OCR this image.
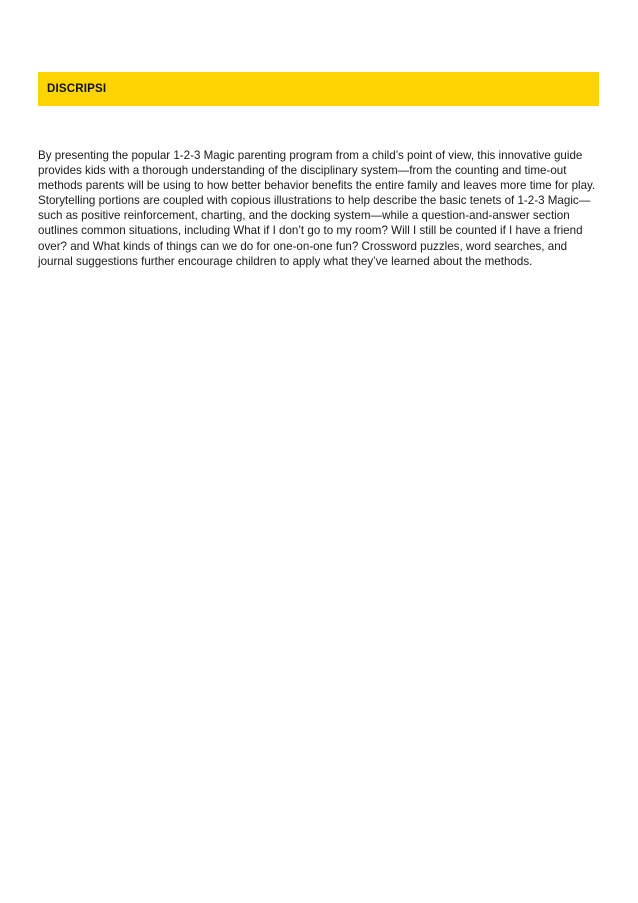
DISCRIPSI

By presenting the popular 1-2-3 Magic parenting program from a child’s point of view, this innovative guide provides kids with a thorough understanding of the disciplinary system—from the counting and time-out methods parents will be using to how better behavior benefits the entire family and leaves more time for play. Storytelling portions are coupled with copious illustrations to help describe the basic tenets of 1-2-3 Magic—such as positive reinforcement, charting, and the docking system—while a question-and-answer section outlines common situations, including What if I don’t go to my room? Will I still be counted if I have a friend over? and What kinds of things can we do for one-on-one fun? Crossword puzzles, word searches, and journal suggestions further encourage children to apply what they’ve learned about the methods.
